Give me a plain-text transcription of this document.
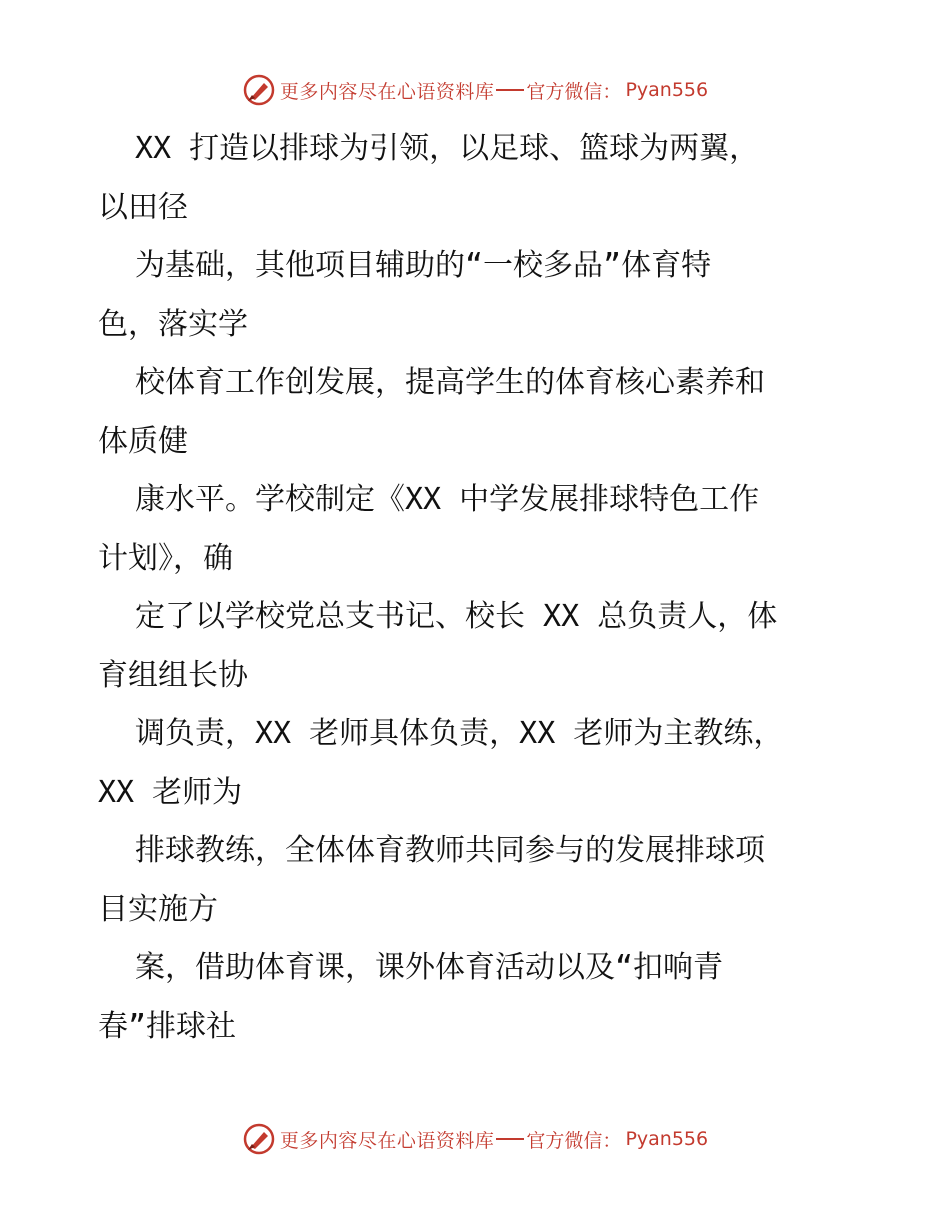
更多内容尽在心语资料库 官方微信： Pyan556
XX 打造以排球为引领，以足球、篮球为两翼，
以田径
为基础，其他项目辅助的“一校多品”体育特
色，落实学
校体育工作创发展，提高学生的体育核心素养和
体质健
康水平。学校制定《XX 中学发展排球特色工作
计划》，确
定了以学校党总支书记、校长 XX 总负责人，体
育组组长协
调负责，XX 老师具体负责，XX 老师为主教练，
XX 老师为
排球教练，全体体育教师共同参与的发展排球项
目实施方
案，借助体育课，课外体育活动以及“扣响青
春”排球社
更多内容尽在心语资料库 官方微信： Pyan556
